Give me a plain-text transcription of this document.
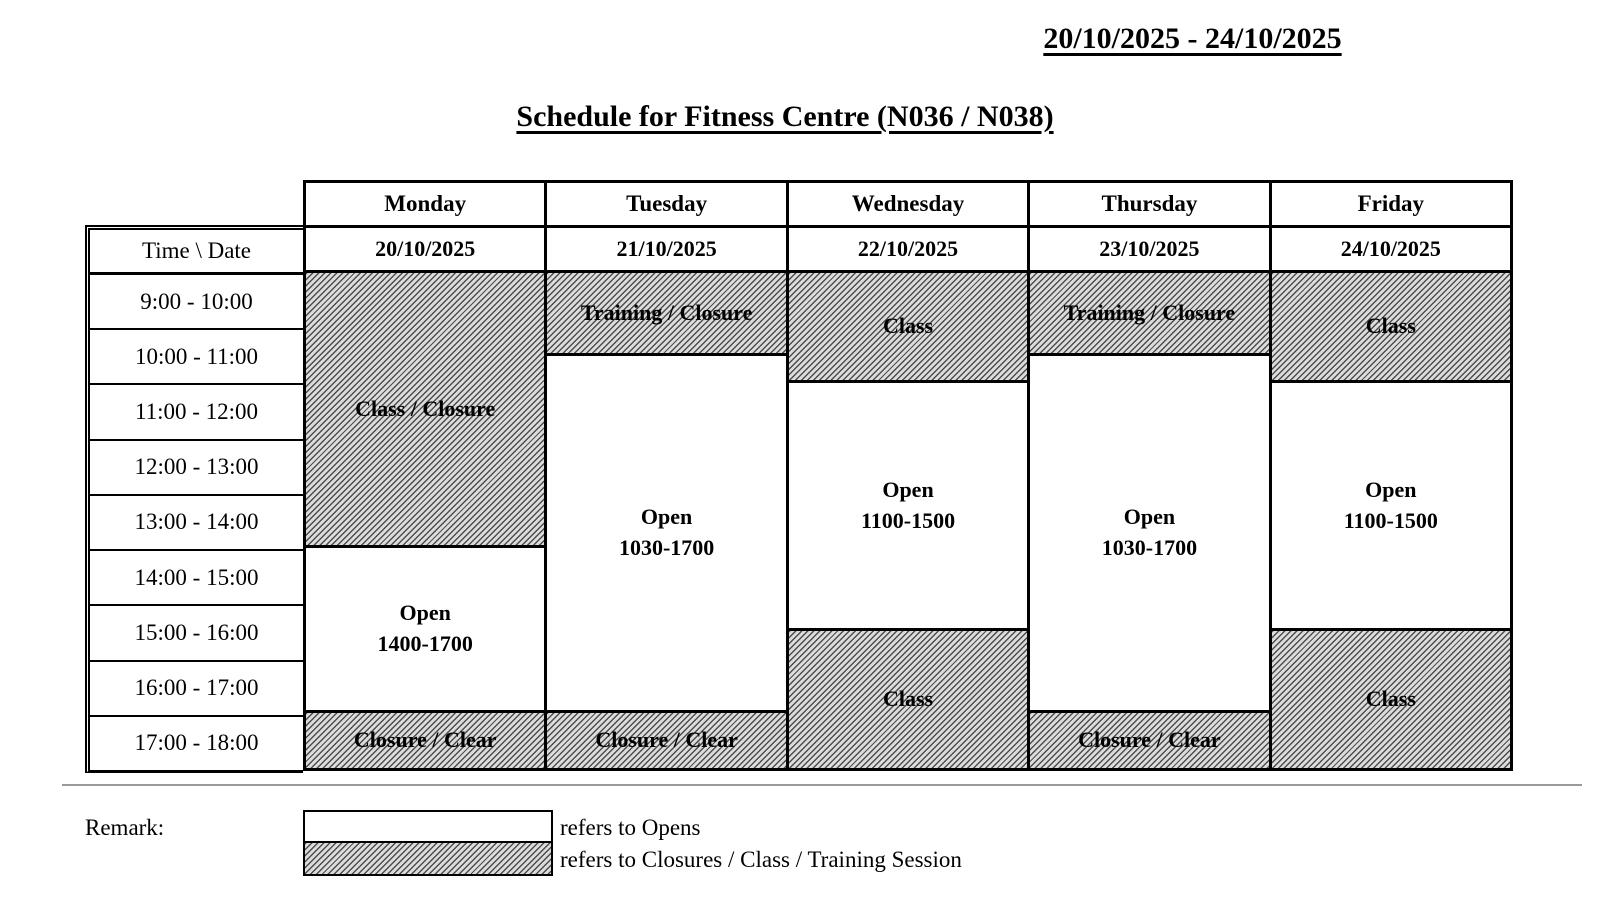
20/10/2025 - 24/10/2025
Schedule for Fitness Centre (N036 / N038)
Time \ Date
9:00 - 10:00
10:00 - 11:00
11:00 - 12:00
12:00 - 13:00
13:00 - 14:00
14:00 - 15:00
15:00 - 16:00
16:00 - 17:00
17:00 - 18:00
Monday
20/10/2025
Class / Closure
Open
1400-1700
Closure / Clear
Tuesday
21/10/2025
Training / Closure
Open
1030-1700
Closure / Clear
Wednesday
22/10/2025
Class
Open
1100-1500
Class
Thursday
23/10/2025
Training / Closure
Open
1030-1700
Closure / Clear
Friday
24/10/2025
Class
Open
1100-1500
Class
Remark:	refers to Opens
refers to Closures / Class / Training Session
